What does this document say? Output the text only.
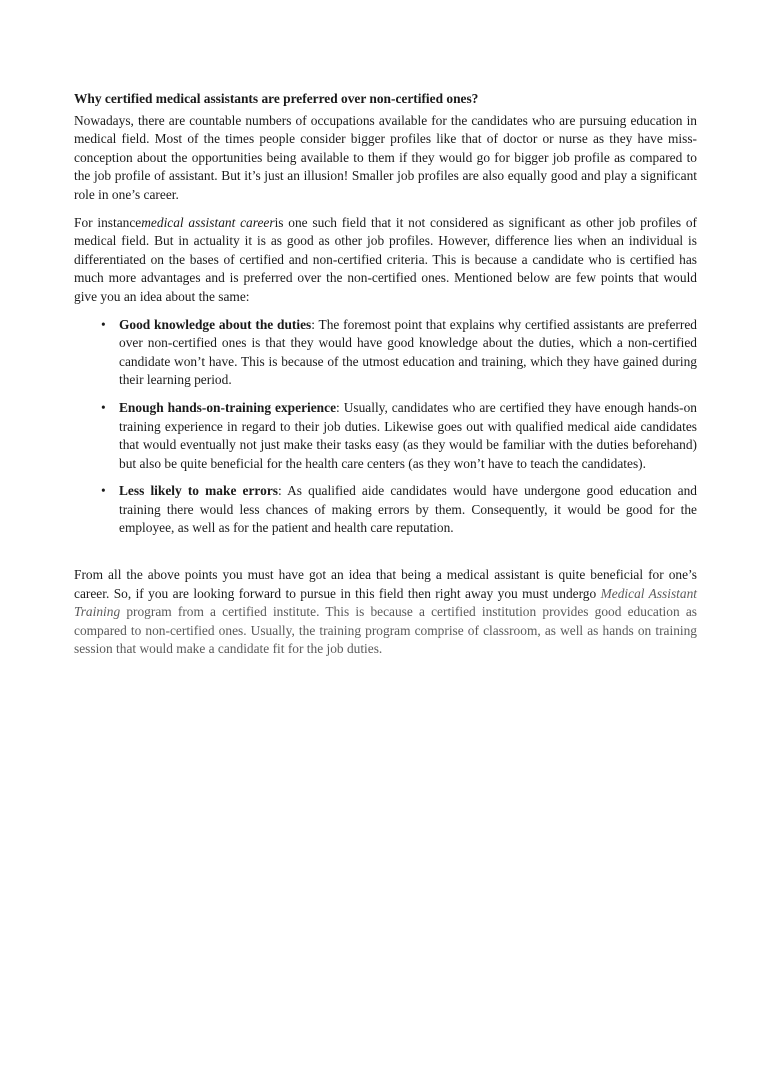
Why certified medical assistants are preferred over non-certified ones?

Nowadays, there are countable numbers of occupations available for the candidates who are pursuing education in medical field. Most of the times people consider bigger profiles like that of doctor or nurse as they have miss-conception about the opportunities being available to them if they would go for bigger job profile as compared to the job profile of assistant. But it’s just an illusion! Smaller job profiles are also equally good and play a significant role in one’s career.

For instancemedical assistant careeris one such field that it not considered as significant as other job profiles of medical field. But in actuality it is as good as other job profiles. However, difference lies when an individual is differentiated on the bases of certified and non-certified criteria. This is because a candidate who is certified has much more advantages and is preferred over the non-certified ones. Mentioned below are few points that would give you an idea about the same:

• Good knowledge about the duties: The foremost point that explains why certified assistants are preferred over non-certified ones is that they would have good knowledge about the duties, which a non-certified candidate won’t have. This is because of the utmost education and training, which they have gained during their learning period.
• Enough hands-on-training experience: Usually, candidates who are certified they have enough hands-on training experience in regard to their job duties. Likewise goes out with qualified medical aide candidates that would eventually not just make their tasks easy (as they would be familiar with the duties beforehand) but also be quite beneficial for the health care centers (as they won’t have to teach the candidates).
• Less likely to make errors: As qualified aide candidates would have undergone good education and training there would less chances of making errors by them. Consequently, it would be good for the employee, as well as for the patient and health care reputation.

From all the above points you must have got an idea that being a medical assistant is quite beneficial for one’s career. So, if you are looking forward to pursue in this field then right away you must undergo Medical Assistant Training program from a certified institute. This is because a certified institution provides good education as compared to non-certified ones. Usually, the training program comprise of classroom, as well as hands on training session that would make a candidate fit for the job duties.
